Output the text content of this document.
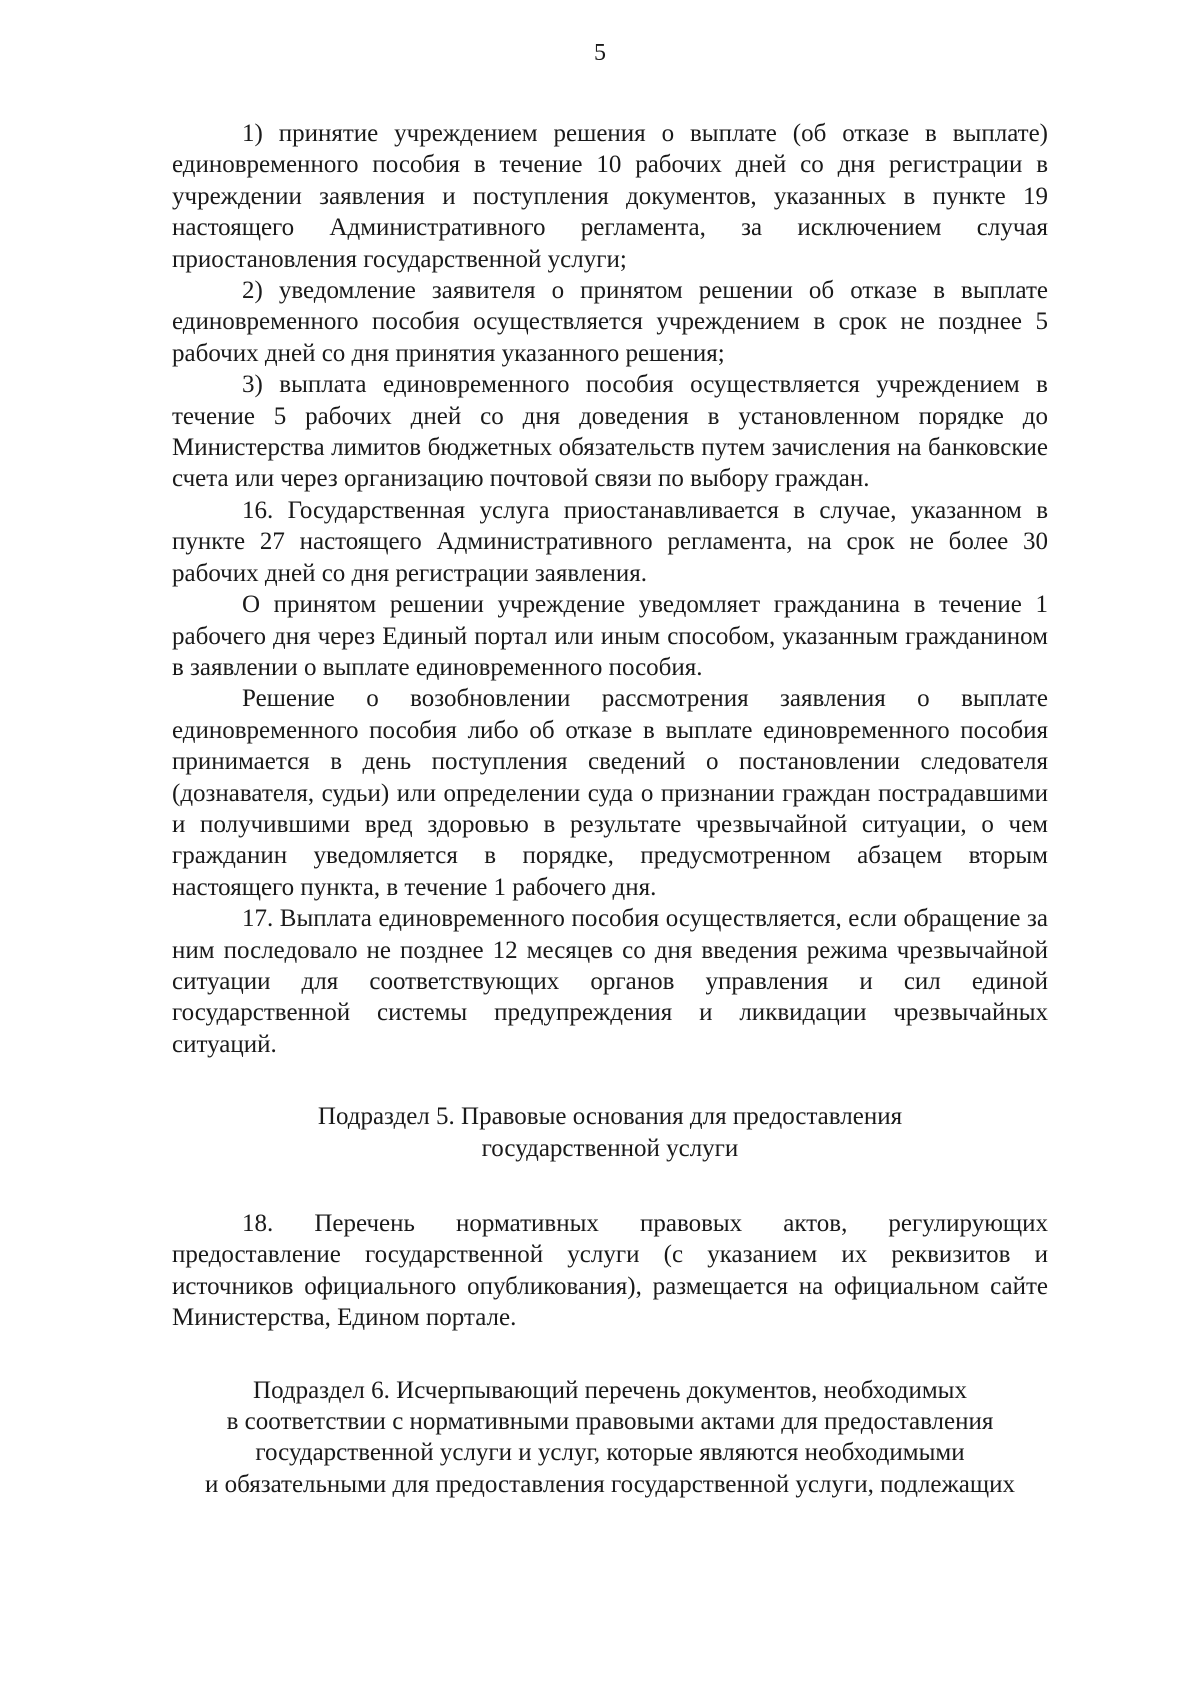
5

1) принятие учреждением решения о выплате (об отказе в выплате) единовременного пособия в течение 10 рабочих дней со дня регистрации в учреждении заявления и поступления документов, указанных в пункте 19 настоящего Административного регламента, за исключением случая приостановления государственной услуги;

2) уведомление заявителя о принятом решении об отказе в выплате единовременного пособия осуществляется учреждением в срок не позднее 5 рабочих дней со дня принятия указанного решения;

3) выплата единовременного пособия осуществляется учреждением в течение 5 рабочих дней со дня доведения в установленном порядке до Министерства лимитов бюджетных обязательств путем зачисления на банковские счета или через организацию почтовой связи по выбору граждан.

16. Государственная услуга приостанавливается в случае, указанном в пункте 27 настоящего Административного регламента, на срок не более 30 рабочих дней со дня регистрации заявления.

О принятом решении учреждение уведомляет гражданина в течение 1 рабочего дня через Единый портал или иным способом, указанным гражданином в заявлении о выплате единовременного пособия.

Решение о возобновлении рассмотрения заявления о выплате единовременного пособия либо об отказе в выплате единовременного пособия принимается в день поступления сведений о постановлении следователя (дознавателя, судьи) или определении суда о признании граждан пострадавшими и получившими вред здоровью в результате чрезвычайной ситуации, о чем гражданин уведомляется в порядке, предусмотренном абзацем вторым настоящего пункта, в течение 1 рабочего дня.

17. Выплата единовременного пособия осуществляется, если обращение за ним последовало не позднее 12 месяцев со дня введения режима чрезвычайной ситуации для соответствующих органов управления и сил единой государственной системы предупреждения и ликвидации чрезвычайных ситуаций.

Подраздел 5. Правовые основания для предоставления

государственной услуги

18. Перечень нормативных правовых актов, регулирующих предоставление государственной услуги (с указанием их реквизитов и источников официального опубликования), размещается на официальном сайте Министерства, Едином портале.

Подраздел 6. Исчерпывающий перечень документов, необходимых

в соответствии с нормативными правовыми актами для предоставления

государственной услуги и услуг, которые являются необходимыми

и обязательными для предоставления государственной услуги, подлежащих
